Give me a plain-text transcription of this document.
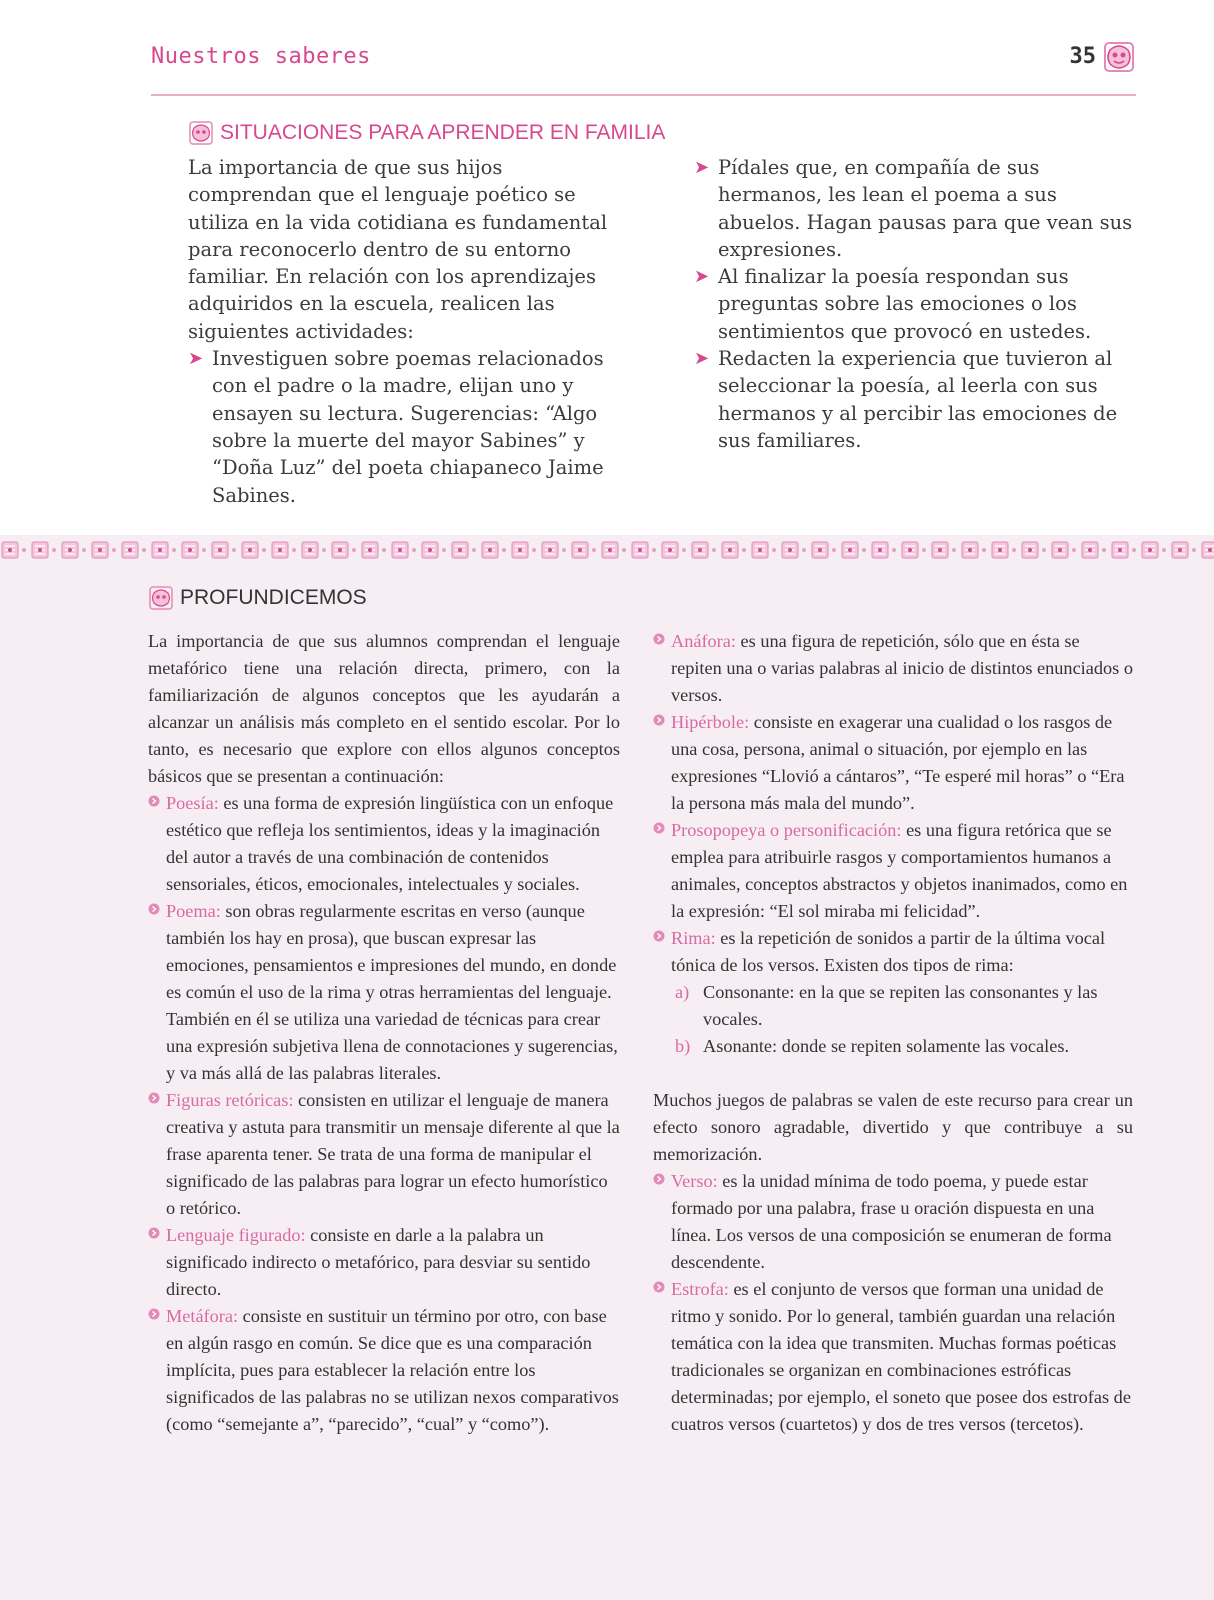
Nuestros saberes	35
SITUACIONES PARA APRENDER EN FAMILIA
La importancia de que sus hijos comprendan que el lenguaje poético se utiliza en la vida cotidiana es fundamental para reconocerlo dentro de su entorno familiar. En relación con los aprendizajes adquiridos en la escuela, realicen las siguientes actividades:
➤ Investiguen sobre poemas relacionados con el padre o la madre, elijan uno y ensayen su lectura. Sugerencias: “Algo sobre la muerte del mayor Sabines” y “Doña Luz” del poeta chiapaneco Jaime Sabines.
➤ Pídales que, en compañía de sus hermanos, les lean el poema a sus abuelos. Hagan pausas para que vean sus expresiones.
➤ Al finalizar la poesía respondan sus preguntas sobre las emociones o los sentimientos que provocó en ustedes.
➤ Redacten la experiencia que tuvieron al seleccionar la poesía, al leerla con sus hermanos y al percibir las emociones de sus familiares.
PROFUNDICEMOS

La importancia de que sus alumnos comprendan el lenguaje metafórico tiene una relación directa, primero, con la familiarización de algunos conceptos que les ayudarán a alcanzar un análisis más completo en el sentido escolar. Por lo tanto, es necesario que explore con ellos algunos conceptos básicos que se presentan a continuación:

Poesía: es una forma de expresión lingüística con un enfoque estético que refleja los sentimientos, ideas y la imaginación del autor a través de una combinación de contenidos sensoriales, éticos, emocionales, intelectuales y sociales.
Poema: son obras regularmente escritas en verso (aunque también los hay en prosa), que buscan expresar las emociones, pensamientos e impresiones del mundo, en donde es común el uso de la rima y otras herramientas del lenguaje. También en él se utiliza una variedad de técnicas para crear una expresión subjetiva llena de connotaciones y sugerencias, y va más allá de las palabras literales.
Figuras retóricas: consisten en utilizar el lenguaje de manera creativa y astuta para transmitir un mensaje diferente al que la frase aparenta tener. Se trata de una forma de manipular el significado de las palabras para lograr un efecto humorístico o retórico.
Lenguaje figurado: consiste en darle a la palabra un significado indirecto o metafórico, para desviar su sentido directo.
Metáfora: consiste en sustituir un término por otro, con base en algún rasgo en común. Se dice que es una comparación implícita, pues para establecer la relación entre los significados de las palabras no se utilizan nexos comparativos (como “semejante a”, “parecido”, “cual” y “como”).
Anáfora: es una figura de repetición, sólo que en ésta se repiten una o varias palabras al inicio de distintos enunciados o versos.
Hipérbole: consiste en exagerar una cualidad o los rasgos de una cosa, persona, animal o situación, por ejemplo en las expresiones “Llovió a cántaros”, “Te esperé mil horas” o “Era la persona más mala del mundo”.
Prosopopeya o personificación: es una figura retórica que se emplea para atribuirle rasgos y comportamientos humanos a animales, conceptos abstractos y objetos inanimados, como en la expresión: “El sol miraba mi felicidad”.
Rima: es la repetición de sonidos a partir de la última vocal tónica de los versos. Existen dos tipos de rima:
a) Consonante: en la que se repiten las consonantes y las vocales.
b) Asonante: donde se repiten solamente las vocales.

Muchos juegos de palabras se valen de este recurso para crear un efecto sonoro agradable, divertido y que contribuye a su memorización.

Verso: es la unidad mínima de todo poema, y puede estar formado por una palabra, frase u oración dispuesta en una línea. Los versos de una composición se enumeran de forma descendente.
Estrofa: es el conjunto de versos que forman una unidad de ritmo y sonido. Por lo general, también guardan una relación temática con la idea que transmiten. Muchas formas poéticas tradicionales se organizan en combinaciones estróficas determinadas; por ejemplo, el soneto que posee dos estrofas de cuatros versos (cuartetos) y dos de tres versos (tercetos).
